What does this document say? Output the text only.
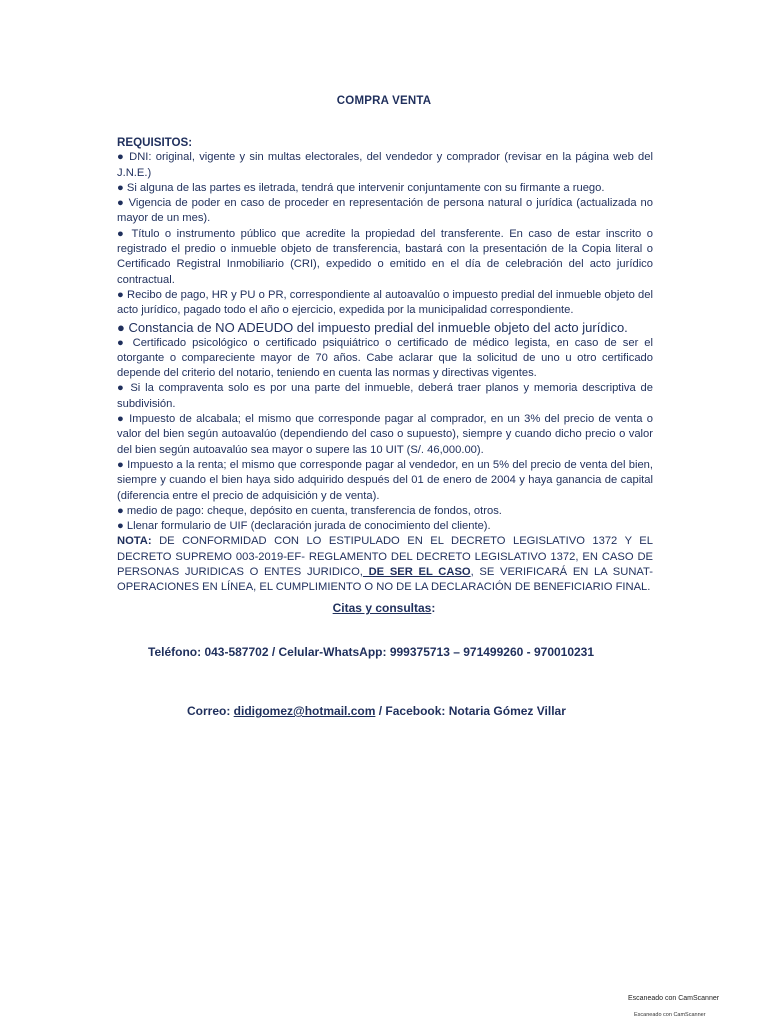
COMPRA VENTA
REQUISITOS:

● DNI: original, vigente y sin multas electorales, del vendedor y comprador (revisar en la página web del J.N.E.)

● Si alguna de las partes es iletrada, tendrá que intervenir conjuntamente con su firmante a ruego.

● Vigencia de poder en caso de proceder en representación de persona natural o jurídica (actualizada no mayor de un mes).

● Título o instrumento público que acredite la propiedad del transferente. En caso de estar inscrito o registrado el predio o inmueble objeto de transferencia, bastará con la presentación de la Copia literal o Certificado Registral Inmobiliario (CRI), expedido o emitido en el día de celebración del acto jurídico contractual.

● Recibo de pago, HR y PU o PR, correspondiente al autoavalúo o impuesto predial del inmueble objeto del acto jurídico, pagado todo el año o ejercicio, expedida por la municipalidad correspondiente.

● Constancia de NO ADEUDO del impuesto predial del inmueble objeto del acto jurídico.

● Certificado psicológico o certificado psiquiátrico o certificado de médico legista, en caso de ser el otorgante o compareciente mayor de 70 años. Cabe aclarar que la solicitud de uno u otro certificado depende del criterio del notario, teniendo en cuenta las normas y directivas vigentes.

● Si la compraventa solo es por una parte del inmueble, deberá traer planos y memoria descriptiva de subdivisión.

● Impuesto de alcabala; el mismo que corresponde pagar al comprador, en un 3% del precio de venta o valor del bien según autoavalúo (dependiendo del caso o supuesto), siempre y cuando dicho precio o valor del bien según autoavalúo sea mayor o supere las 10 UIT (S/. 46,000.00).

● Impuesto a la renta; el mismo que corresponde pagar al vendedor, en un 5% del precio de venta del bien, siempre y cuando el bien haya sido adquirido después del 01 de enero de 2004 y haya ganancia de capital (diferencia entre el precio de adquisición y de venta).

● medio de pago: cheque, depósito en cuenta, transferencia de fondos, otros.

● Llenar formulario de UIF (declaración jurada de conocimiento del cliente).

NOTA: DE CONFORMIDAD CON LO ESTIPULADO EN EL DECRETO LEGISLATIVO 1372 Y EL DECRETO SUPREMO 003-2019-EF- REGLAMENTO DEL DECRETO LEGISLATIVO 1372, EN CASO DE PERSONAS JURIDICAS O ENTES JURIDICO, DE SER EL CASO, SE VERIFICARÁ EN LA SUNAT- OPERACIONES EN LÍNEA, EL CUMPLIMIENTO O NO DE LA DECLARACIÓN DE BENEFICIARIO FINAL.

Citas y consultas:
Teléfono: 043-587702 / Celular-WhatsApp: 999375713 – 971499260 - 970010231
Correo: didigomez@hotmail.com / Facebook: Notaria Gómez Villar
Escaneado con CamScanner
Escaneado con CamScanner
